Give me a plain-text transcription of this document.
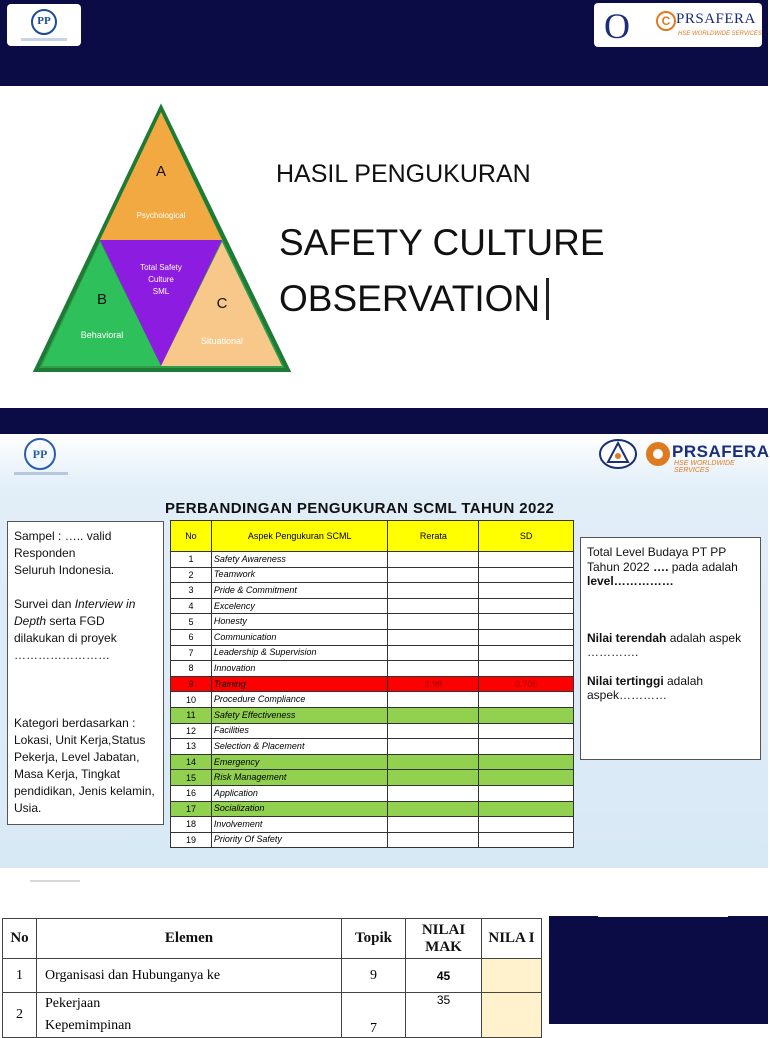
PP	O	C PRSAFERA
HSE WORLDWIDE SERVICES
A
Psychological
Total Safety
Culture
SML
B
Behavioral
C
Situational
HASIL PENGUKURAN
SAFETY CULTURE
OBSERVATION
PP	PRSAFERA
HSE WORLDWIDE SERVICES
PERBANDINGAN PENGUKURAN SCML TAHUN 2022

Sampel : ….. valid Responden

Seluruh Indonesia.

Survei dan Interview in Depth serta FGD dilakukan di proyek

……………………

Kategori berdasarkan : Lokasi, Unit Kerja,Status

Pekerja, Level Jabatan, Masa Kerja, Tingkat pendidikan, Jenis kelamin, Usia.

No	Aspek Pengukuran SCML	Rerata	SD
1	Safety Awareness		
2	Teamwork		
3	Pride & Commitment		
4	Excelency		
5	Honesty		
6	Communication		
7	Leadership & Supervision		
8	Innovation		
9	Training	3.98	0.706
10	Procedure Compliance		
11	Safety Effectiveness		
12	Facilities		
13	Selection & Placement		
14	Emergency		
15	Risk Management		
16	Application		
17	Socialization		
18	Involvement		
19	Priority Of Safety		

Total Level Budaya PT PP Tahun 2022 …. pada adalah

level……………

Nilai terendah adalah aspek ………….

Nilai tertinggi adalah aspek…………

No	Elemen	Topik	NILAI MAK	NILA I
1	Organisasi dan Hubunganya ke	9	45	
2	Pekerjaan
Kepemimpinan	7	35	
